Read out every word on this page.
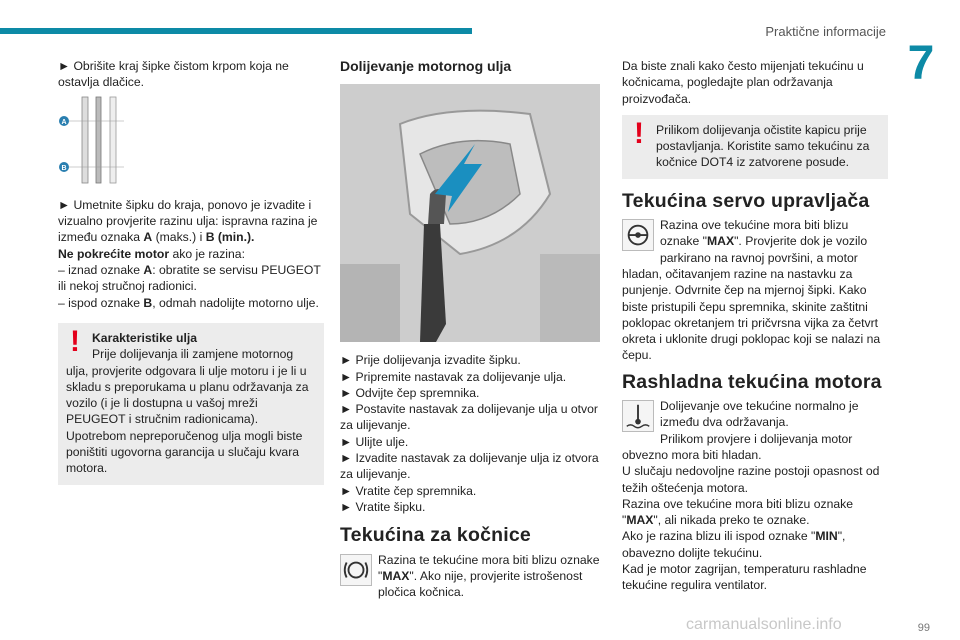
Praktične informacije
7

► Obrišite kraj šipke čistom krpom koja ne ostavlja dlačice.

A
B

► Umetnite šipku do kraja, ponovo je izvadite i vizualno provjerite razinu ulja: ispravna razina je između oznaka A (maks.) i B (min.).

Ne pokrećite motor ako je razina:

– iznad oznake A: obratite se servisu PEUGEOT ili nekoj stručnoj radionici.

– ispod oznake B, odmah nadolijte motorno ulje.

! Karakteristike ulja

Prije dolijevanja ili zamjene motornog

ulja, provjerite odgovara li ulje motoru i je li u skladu s preporukama u planu održavanja za vozilo (i je li dostupna u vašoj mreži PEUGEOT i stručnim radionicama). Upotrebom nepreporučenog ulja mogli biste poništiti ugovorna garancija u slučaju kvara motora.

Dolijevanje motornog ulja

► Prije dolijevanja izvadite šipku.

► Pripremite nastavak za dolijevanje ulja.

► Odvijte čep spremnika.

► Postavite nastavak za dolijevanje ulja u otvor za ulijevanje.

► Ulijte ulje.

► Izvadite nastavak za dolijevanje ulja iz otvora za ulijevanje.

► Vratite čep spremnika.

► Vratite šipku.

Tekućina za kočnice

Razina te tekućine mora biti blizu oznake "MAX". Ako nije, provjerite istrošenost pločica kočnica.

Da biste znali kako često mijenjati tekućinu u kočnicama, pogledajte plan održavanja proizvođača.

! Prilikom dolijevanja očistite kapicu prije postavljanja. Koristite samo tekućinu za kočnice DOT4 iz zatvorene posude.

Tekućina servo upravljača

Razina ove tekućine mora biti blizu oznake "MAX". Provjerite dok je vozilo parkirano na ravnoj površini, a motor hladan, očitavanjem razine na nastavku za punjenje. Odvrnite čep na mjernoj šipki. Kako biste pristupili čepu spremnika, skinite zaštitni poklopac okretanjem tri pričvrsna vijka za četvrt okreta i uklonite drugi poklopac koji se nalazi na čepu.

Rashladna tekućina motora

Dolijevanje ove tekućine normalno je između dva održavanja.

Prilikom provjere i dolijevanja motor obvezno mora biti hladan.

U slučaju nedovoljne razine postoji opasnost od težih oštećenja motora.

Razina ove tekućine mora biti blizu oznake "MAX", ali nikada preko te oznake.

Ako je razina blizu ili ispod oznake "MIN", obavezno dolijte tekućinu.

Kad je motor zagrijan, temperaturu rashladne tekućine regulira ventilator.

carmanualsonline.info	99
